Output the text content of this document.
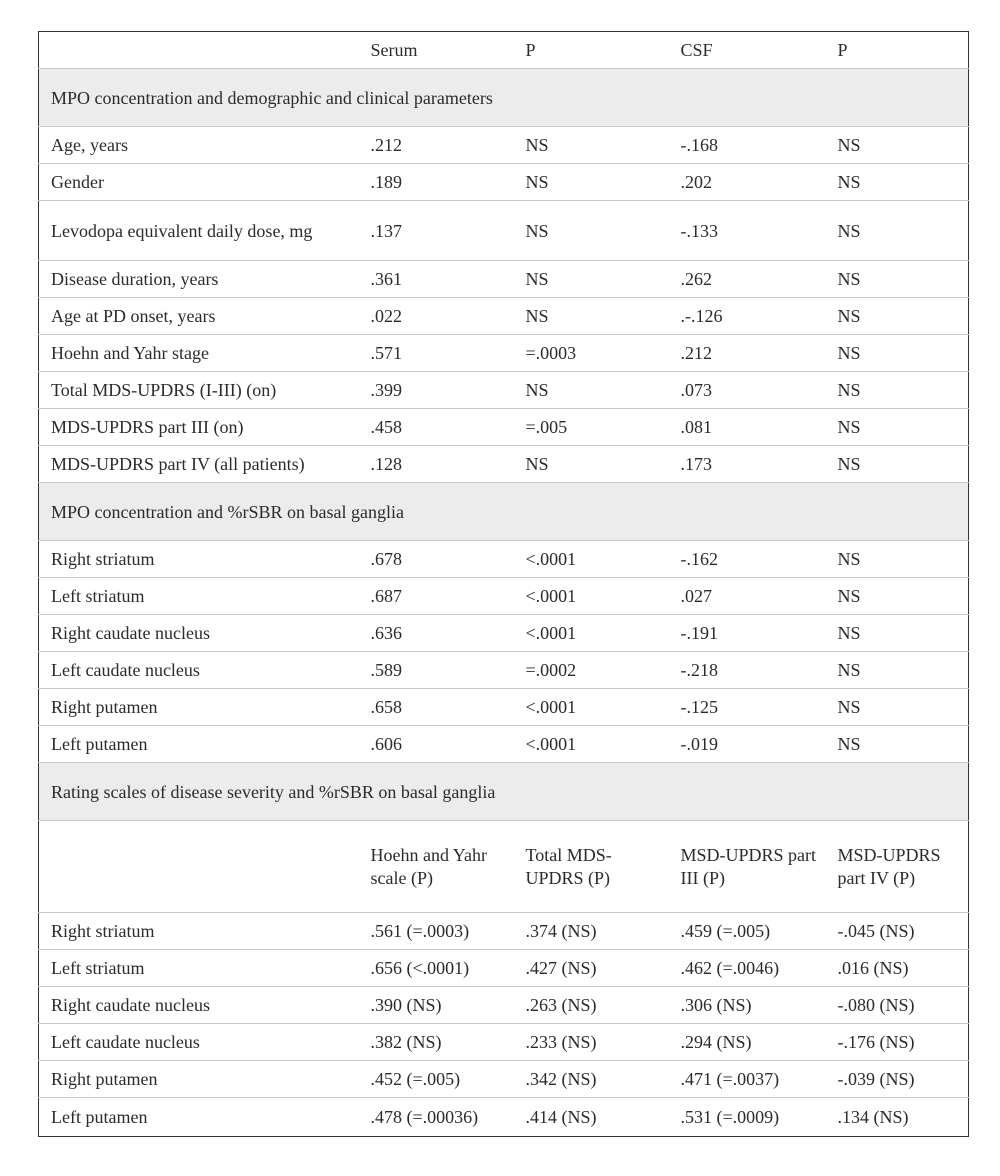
	Serum	P	CSF	P
MPO concentration and demographic and clinical parameters				
Age, years	.212	NS	-.168	NS
Gender	.189	NS	.202	NS
Levodopa equivalent daily dose, mg	.137	NS	-.133	NS
Disease duration, years	.361	NS	.262	NS
Age at PD onset, years	.022	NS	.-.126	NS
Hoehn and Yahr stage	.571	=.0003	.212	NS
Total MDS-UPDRS (I-III) (on)	.399	NS	.073	NS
MDS-UPDRS part III (on)	.458	=.005	.081	NS
MDS-UPDRS part IV (all patients)	.128	NS	.173	NS
MPO concentration and %rSBR on basal ganglia				
Right striatum	.678	<.0001	-.162	NS
Left striatum	.687	<.0001	.027	NS
Right caudate nucleus	.636	<.0001	-.191	NS
Left caudate nucleus	.589	=.0002	-.218	NS
Right putamen	.658	<.0001	-.125	NS
Left putamen	.606	<.0001	-.019	NS
Rating scales of disease severity and %rSBR on basal ganglia				

	Hoehn and Yahr scale (P)	Total MDS-UPDRS (P)	MSD-UPDRS part III (P)	MSD-UPDRS part IV (P)

Right striatum	.561 (=.0003)	.374 (NS)	.459 (=.005)	-.045 (NS)
Left striatum	.656 (<.0001)	.427 (NS)	.462 (=.0046)	.016 (NS)
Right caudate nucleus	.390 (NS)	.263 (NS)	.306 (NS)	-.080 (NS)
Left caudate nucleus	.382 (NS)	.233 (NS)	.294 (NS)	-.176 (NS)
Right putamen	.452 (=.005)	.342 (NS)	.471 (=.0037)	-.039 (NS)
Left putamen	.478 (=.00036)	.414 (NS)	.531 (=.0009)	.134 (NS)
